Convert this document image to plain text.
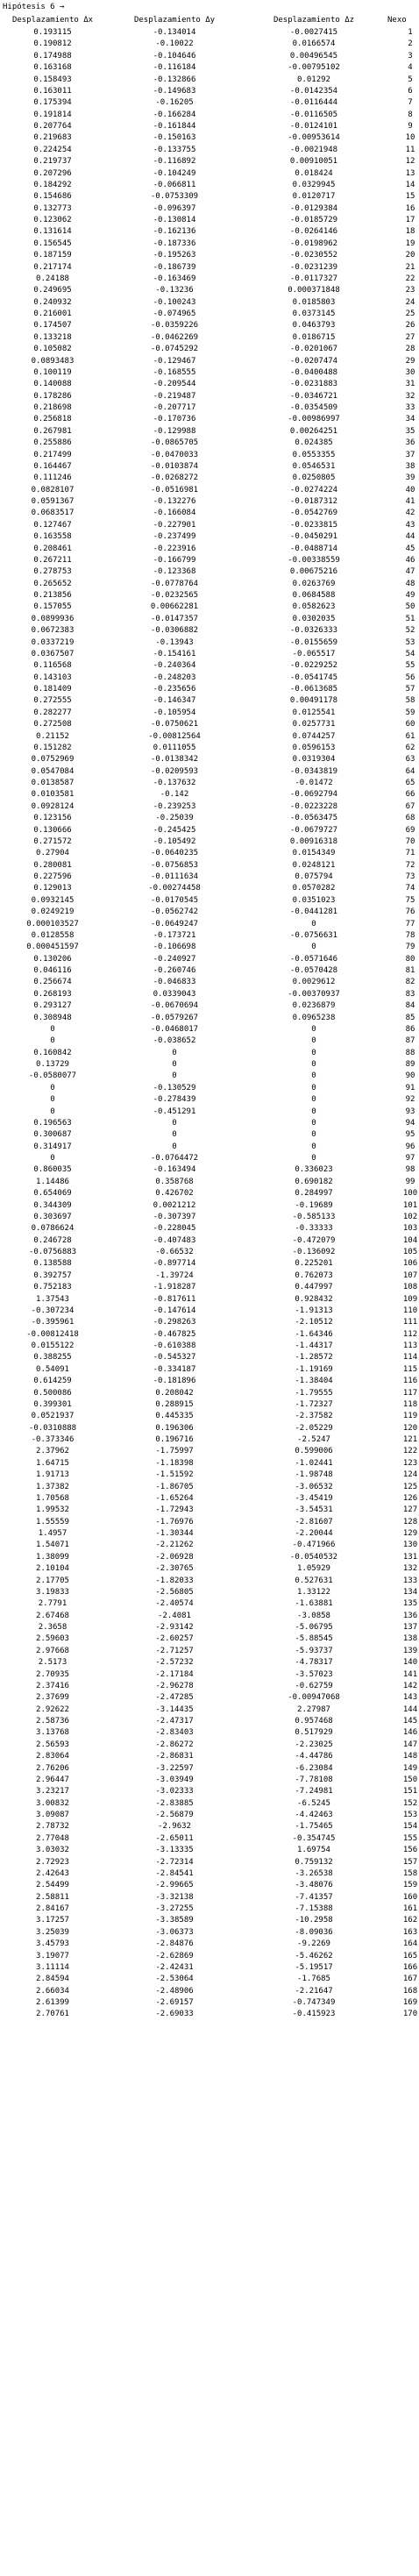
Hipótesis 6 →
Desplazamiento Δx	Desplazamiento Δy	Desplazamiento Δz	Nexo
0.193115	-0.134014	-0.0027415	1
0.190812	-0.10022	0.0166574	2
0.174988	-0.104646	0.00496545	3
0.163168	-0.116184	-0.00795102	4
0.158493	-0.132866	0.01292	5
0.163011	-0.149683	-0.0142354	6
0.175394	-0.16205	-0.0116444	7
0.191814	-0.166284	-0.0116505	8
0.207764	-0.161844	-0.0124101	9
0.219683	-0.150163	-0.00953614	10
0.224254	-0.133755	-0.0021948	11
0.219737	-0.116892	0.00910051	12
0.207296	-0.104249	0.018424	13
0.184292	-0.066811	0.0329945	14
0.154686	-0.0753309	0.0120717	15
0.132773	-0.096397	-0.0129384	16
0.123062	-0.130814	-0.0185729	17
0.131614	-0.162136	-0.0264146	18
0.156545	-0.187336	-0.0198962	19
0.187159	-0.195263	-0.0230552	20
0.217174	-0.186739	-0.0231239	21
0.24188	-0.163469	-0.0117327	22
0.249695	-0.13236	0.000371848	23
0.240932	-0.100243	0.0185803	24
0.216001	-0.074965	0.0373145	25
0.174507	-0.0359226	0.0463793	26
0.133218	-0.0462269	0.0186715	27
0.105082	-0.0745292	-0.0201067	28
0.0893483	-0.129467	-0.0207474	29
0.100119	-0.168555	-0.0400488	30
0.140088	-0.209544	-0.0231883	31
0.178286	-0.219487	-0.0346721	32
0.218698	-0.207717	-0.0354509	33
0.256818	-0.170736	-0.00986997	34
0.267981	-0.129988	0.00264251	35
0.255886	-0.0865705	0.024385	36
0.217499	-0.0470033	0.0553355	37
0.164467	-0.0103874	0.0546531	38
0.111246	-0.0268272	0.0250805	39
0.0828107	-0.0516981	-0.0274224	40
0.0591367	-0.132276	-0.0187312	41
0.0683517	-0.166084	-0.0542769	42
0.127467	-0.227901	-0.0233815	43
0.163558	-0.237499	-0.0450291	44
0.208461	-0.223916	-0.0488714	45
0.267211	-0.166799	-0.00338559	46
0.278753	-0.123368	0.00675216	47
0.265652	-0.0778764	0.0263769	48
0.213856	-0.0232565	0.0684588	49
0.157055	0.00662281	0.0582623	50
0.0899936	-0.0147357	0.0302035	51
0.0672383	-0.0306882	-0.0326333	52
0.0337219	-0.13943	-0.0155659	53
0.0367507	-0.154161	-0.065517	54
0.116568	-0.240364	-0.0229252	55
0.143103	-0.248203	-0.0541745	56
0.181409	-0.235656	-0.0613685	57
0.272555	-0.146347	0.00491178	58
0.282277	-0.105954	0.0125541	59
0.272508	-0.0750621	0.0257731	60
0.21152	-0.00812564	0.0744257	61
0.151282	0.0111055	0.0596153	62
0.0752969	-0.0138342	0.0319304	63
0.0547084	-0.0209593	-0.0343819	64
0.0138587	-0.137632	-0.01472	65
0.0103581	-0.142	-0.0692794	66
0.0928124	-0.239253	-0.0223228	67
0.123156	-0.25039	-0.0563475	68
0.130666	-0.245425	-0.0679727	69
0.271572	-0.105492	0.00916318	70
0.27904	-0.0640235	0.0154349	71
0.280081	-0.0756853	0.0248121	72
0.227596	-0.0111634	0.075794	73
0.129013	-0.00274458	0.0570282	74
0.0932145	-0.0170545	0.0351023	75
0.0249219	-0.0562742	-0.0441281	76
0.000103527	-0.0649247	0	77
0.0128558	-0.173721	-0.0756631	78
0.000451597	-0.106698	0	79
0.130206	-0.240927	-0.0571646	80
0.046116	-0.260746	-0.0570428	81
0.256674	-0.046833	0.0029612	82
0.268193	0.0339043	-0.00370937	83
0.293127	-0.0670694	0.0236879	84
0.308948	-0.0579267	0.0965238	85
0	-0.0468017	0	86
0	-0.038652	0	87
0.160842	0	0	88
0.13729	0	0	89
-0.0580077	0	0	90
0	-0.130529	0	91
0	-0.278439	0	92
0	-0.451291	0	93
0.196563	0	0	94
0.300687	0	0	95
0.314917	0	0	96
0	-0.0764472	0	97
0.860035	-0.163494	0.336023	98
1.14486	0.358768	0.690182	99
0.654069	0.426702	0.284997	100
0.344309	0.0021212	-0.19689	101
0.303697	-0.307397	-0.585133	102
0.0786624	-0.228045	-0.33333	103
0.246728	-0.407483	-0.472079	104
-0.0756883	-0.66532	-0.136092	105
0.138588	-0.897714	0.225201	106
0.392757	-1.39724	0.762073	107
0.752183	-1.918287	0.447997	108
1.37543	-0.817611	0.928432	109
-0.307234	-0.147614	-1.91313	110
-0.395961	-0.298263	-2.10512	111
-0.00812418	-0.467825	-1.64346	112
0.0155122	-0.610388	-1.44317	113
0.388255	-0.545327	-1.28572	114
0.54091	-0.334187	-1.19169	115
0.614259	-0.181896	-1.38404	116
0.500086	0.208042	-1.79555	117
0.399301	0.288915	-1.72327	118
0.0521937	0.445335	-2.37582	119
-0.0310888	0.196306	-2.05229	120
-0.373346	0.196716	-2.5247	121
2.37962	-1.75997	0.599006	122
1.64715	-1.18398	-1.02441	123
1.91713	-1.51592	-1.98748	124
1.37382	-1.86705	-3.06532	125
1.70568	-1.65264	-3.45419	126
1.99532	-1.72943	-3.54531	127
1.55559	-1.76976	-2.81607	128
1.4957	-1.30344	-2.20044	129
1.54071	-2.21262	-0.471966	130
1.38099	-2.06928	-0.0540532	131
2.10104	-2.30765	1.05929	132
2.17705	-1.82033	0.527631	133
3.19833	-2.56805	1.33122	134
2.7791	-2.40574	-1.63881	135
2.67468	-2.4081	-3.0858	136
2.3658	-2.93142	-5.06795	137
2.59603	-2.60257	-5.88545	138
2.97668	-2.71257	-5.93737	139
2.5173	-2.57232	-4.78317	140
2.70935	-2.17184	-3.57023	141
2.37416	-2.96278	-0.62759	142
2.37699	-2.47285	-0.00947068	143
2.92622	-3.14435	2.27987	144
2.58736	-2.47317	0.957468	145
3.13768	-2.83403	0.517929	146
2.56593	-2.86272	-2.23025	147
2.83064	-2.86831	-4.44786	148
2.76206	-3.22597	-6.23084	149
2.96447	-3.03949	-7.78108	150
3.23217	-3.02333	-7.24981	151
3.00832	-2.83885	-6.5245	152
3.09087	-2.56879	-4.42463	153
2.78732	-2.9632	-1.75465	154
2.77048	-2.65011	-0.354745	155
3.03032	-3.13335	1.69754	156
2.72923	-2.72314	0.759132	157
2.42643	-2.84541	-3.26538	158
2.54499	-2.99665	-3.48076	159
2.58811	-3.32138	-7.41357	160
2.84167	-3.27255	-7.15388	161
3.17257	-3.38589	-10.2958	162
3.25039	-3.06373	-8.09036	163
3.45793	-2.84876	-9.2269	164
3.19077	-2.62869	-5.46262	165
3.11114	-2.42431	-5.19517	166
2.84594	-2.53064	-1.7685	167
2.66034	-2.48906	-2.21647	168
2.61399	-2.69157	-0.747349	169
2.70761	-2.69033	-0.415923	170
